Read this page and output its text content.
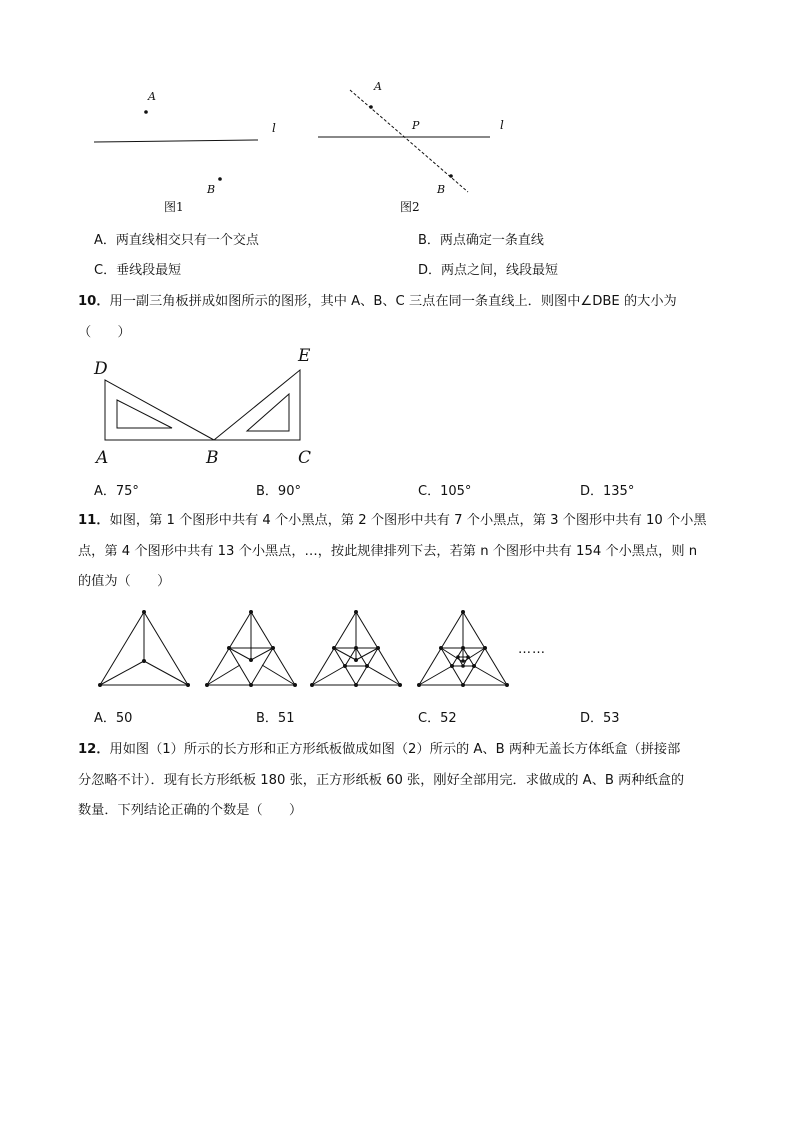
A
l
B
图1
A
P	l
B
图2
A．两直线相交只有一个交点	B．两点确定一条直线
C．垂线段最短	D．两点之间，线段最短
10．用一副三角板拼成如图所示的图形，其中 A、B、C 三点在同一条直线上．则图中∠DBE 的大小为
（　　）
D
E
A	B	C
A．75°	B．90°	C．105°	D．135°
11．如图，第 1 个图形中共有 4 个小黑点，第 2 个图形中共有 7 个小黑点，第 3 个图形中共有 10 个小黑
点，第 4 个图形中共有 13 个小黑点，…，按此规律排列下去，若第 n 个图形中共有 154 个小黑点，则 n
的值为（　　）
……
A．50	B．51	C．52	D．53
12．用如图（1）所示的长方形和正方形纸板做成如图（2）所示的 A、B 两种无盖长方体纸盒（拼接部
分忽略不计）．现有长方形纸板 180 张，正方形纸板 60 张，刚好全部用完．求做成的 A、B 两种纸盒的
数量．下列结论正确的个数是（　　）
